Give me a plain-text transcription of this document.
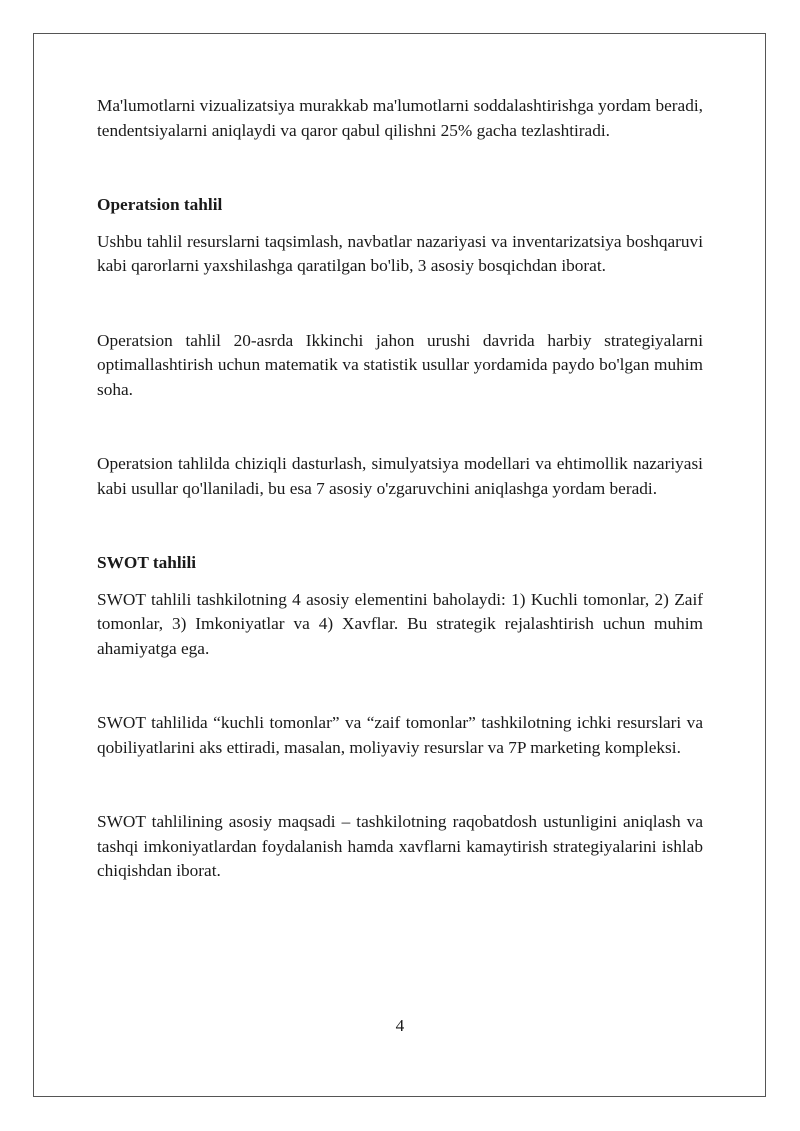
Ma'lumotlarni vizualizatsiya murakkab ma'lumotlarni soddalashtirishga yordam beradi, tendentsiyalarni aniqlaydi va qaror qabul qilishni 25% gacha tezlashtiradi.

Operatsion tahlil

Ushbu tahlil resurslarni taqsimlash, navbatlar nazariyasi va inventarizatsiya boshqaruvi kabi qarorlarni yaxshilashga qaratilgan bo'lib, 3 asosiy bosqichdan iborat.

Operatsion tahlil 20-asrda Ikkinchi jahon urushi davrida harbiy strategiyalarni optimallashtirish uchun matematik va statistik usullar yordamida paydo bo'lgan muhim soha.

Operatsion tahlilda chiziqli dasturlash, simulyatsiya modellari va ehtimollik nazariyasi kabi usullar qo'llaniladi, bu esa 7 asosiy o'zgaruvchini aniqlashga yordam beradi.

SWOT tahlili

SWOT tahlili tashkilotning 4 asosiy elementini baholaydi: 1) Kuchli tomonlar, 2) Zaif tomonlar, 3) Imkoniyatlar va 4) Xavflar. Bu strategik rejalashtirish uchun muhim ahamiyatga ega.

SWOT tahlilida “kuchli tomonlar” va “zaif tomonlar” tashkilotning ichki resurslari va qobiliyatlarini aks ettiradi, masalan, moliyaviy resurslar va 7P marketing kompleksi.

SWOT tahlilining asosiy maqsadi – tashkilotning raqobatdosh ustunligini aniqlash va tashqi imkoniyatlardan foydalanish hamda xavflarni kamaytirish strategiyalarini ishlab chiqishdan iborat.

4
